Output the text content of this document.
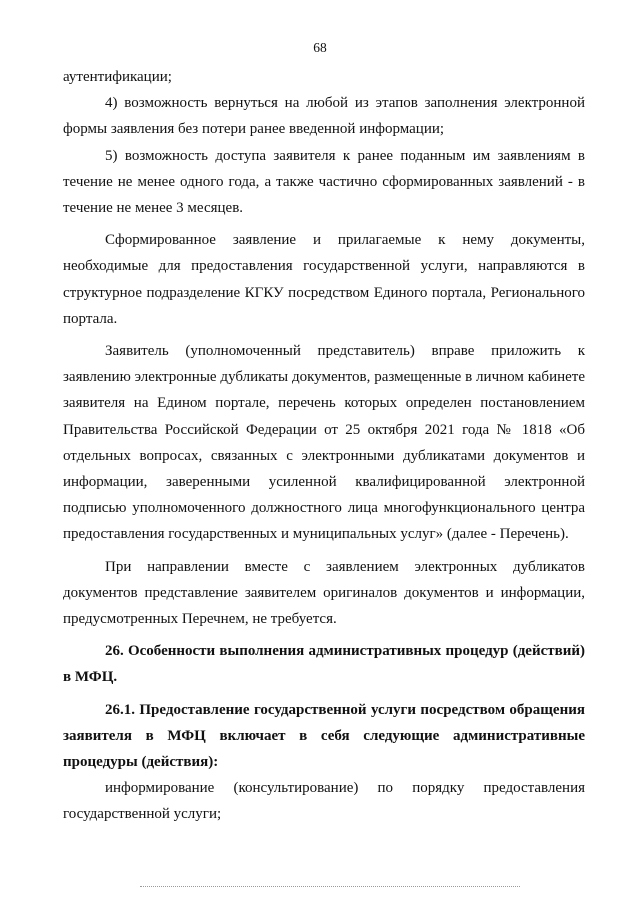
68

аутентификации;

4) возможность вернуться на любой из этапов заполнения электронной формы заявления без потери ранее введенной информации;

5) возможность доступа заявителя к ранее поданным им заявлениям в течение не менее одного года, а также частично сформированных заявлений - в течение не менее 3 месяцев.

Сформированное заявление и прилагаемые к нему документы, необходимые для предоставления государственной услуги, направляются в структурное подразделение КГКУ посредством Единого портала, Регионального портала.

Заявитель (уполномоченный представитель) вправе приложить к заявлению электронные дубликаты документов, размещенные в личном кабинете заявителя на Едином портале, перечень которых определен постановлением Правительства Российской Федерации от 25 октября 2021 года № 1818 «Об отдельных вопросах, связанных с электронными дубликатами документов и информации, заверенными усиленной квалифицированной электронной подписью уполномоченного должностного лица многофункционального центра предоставления государственных и муниципальных услуг» (далее - Перечень).

При направлении вместе с заявлением электронных дубликатов документов представление заявителем оригиналов документов и информации, предусмотренных Перечнем, не требуется.

26. Особенности выполнения административных процедур (действий) в МФЦ.

26.1. Предоставление государственной услуги посредством обращения заявителя в МФЦ включает в себя следующие административные процедуры (действия):

информирование (консультирование) по порядку предоставления государственной услуги;
